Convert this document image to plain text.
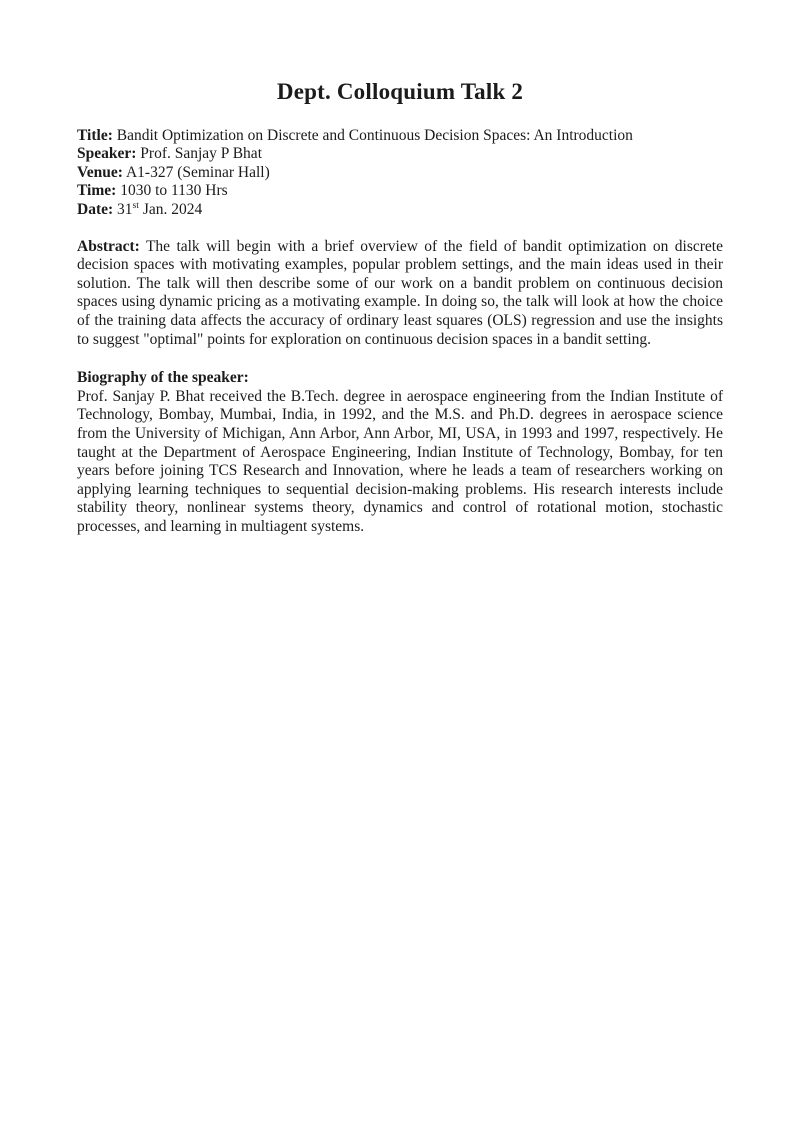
Dept. Colloquium Talk 2
Title: Bandit Optimization on Discrete and Continuous Decision Spaces: An Introduction
Speaker: Prof. Sanjay P Bhat
Venue: A1-327 (Seminar Hall)
Time: 1030 to 1130 Hrs
Date: 31st Jan. 2024

Abstract: The talk will begin with a brief overview of the field of bandit optimization on discrete decision spaces with motivating examples, popular problem settings, and the main ideas used in their solution. The talk will then describe some of our work on a bandit problem on continuous decision spaces using dynamic pricing as a motivating example. In doing so, the talk will look at how the choice of the training data affects the accuracy of ordinary least squares (OLS) regression and use the insights to suggest "optimal" points for exploration on continuous decision spaces in a bandit setting.

Biography of the speaker:

Prof. Sanjay P. Bhat received the B.Tech. degree in aerospace engineering from the Indian Institute of Technology, Bombay, Mumbai, India, in 1992, and the M.S. and Ph.D. degrees in aerospace science from the University of Michigan, Ann Arbor, Ann Arbor, MI, USA, in 1993 and 1997, respectively. He taught at the Department of Aerospace Engineering, Indian Institute of Technology, Bombay, for ten years before joining TCS Research and Innovation, where he leads a team of researchers working on applying learning techniques to sequential decision-making problems. His research interests include stability theory, nonlinear systems theory, dynamics and control of rotational motion, stochastic processes, and learning in multiagent systems.
